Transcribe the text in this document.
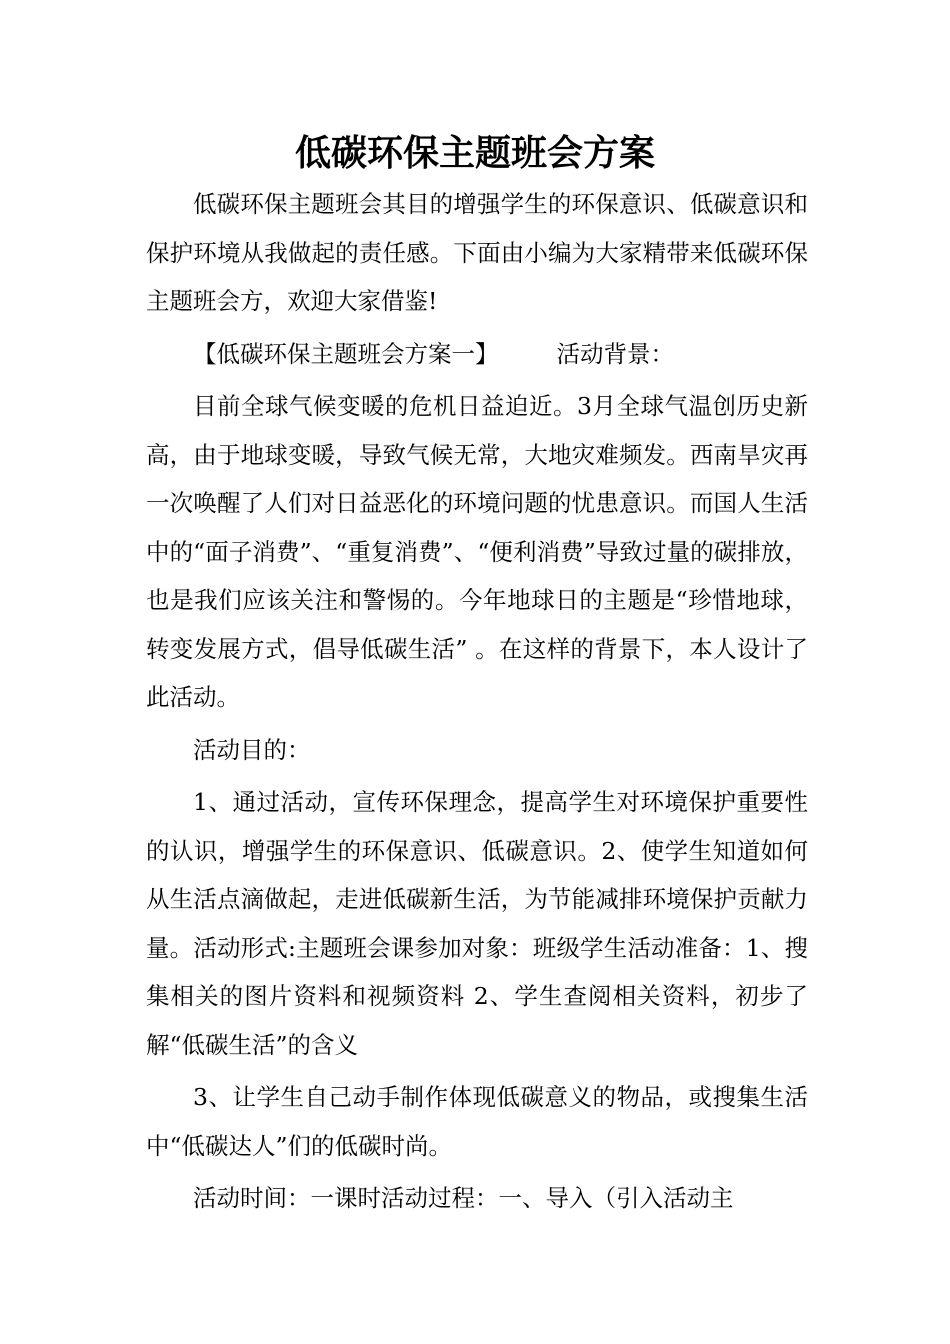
低碳环保主题班会方案

低碳环保主题班会其目的增强学生的环保意识、低碳意识和保护环境从我做起的责任感。下面由小编为大家精带来低碳环保主题班会方，欢迎大家借鉴!

【低碳环保主题班会方案一】 活动背景：

目前全球气候变暖的危机日益迫近。3月全球气温创历史新高，由于地球变暖，导致气候无常，大地灾难频发。西南旱灾再一次唤醒了人们对日益恶化的环境问题的忧患意识。而国人生活中的“面子消费”、“重复消费”、“便利消费”导致过量的碳排放，也是我们应该关注和警惕的。今年地球日的主题是“珍惜地球，转变发展方式，倡导低碳生活” 。在这样的背景下，本人设计了此活动。

活动目的：

1、通过活动，宣传环保理念，提高学生对环境保护重要性的认识，增强学生的环保意识、低碳意识。2、使学生知道如何从生活点滴做起，走进低碳新生活，为节能减排环境保护贡献力量。活动形式:主题班会课参加对象：班级学生活动准备：1、搜集相关的图片资料和视频资料 2、学生查阅相关资料，初步了解“低碳生活”的含义

3、让学生自己动手制作体现低碳意义的物品，或搜集生活中“低碳达人”们的低碳时尚。

活动时间：一课时活动过程：一、导入（引入活动主
